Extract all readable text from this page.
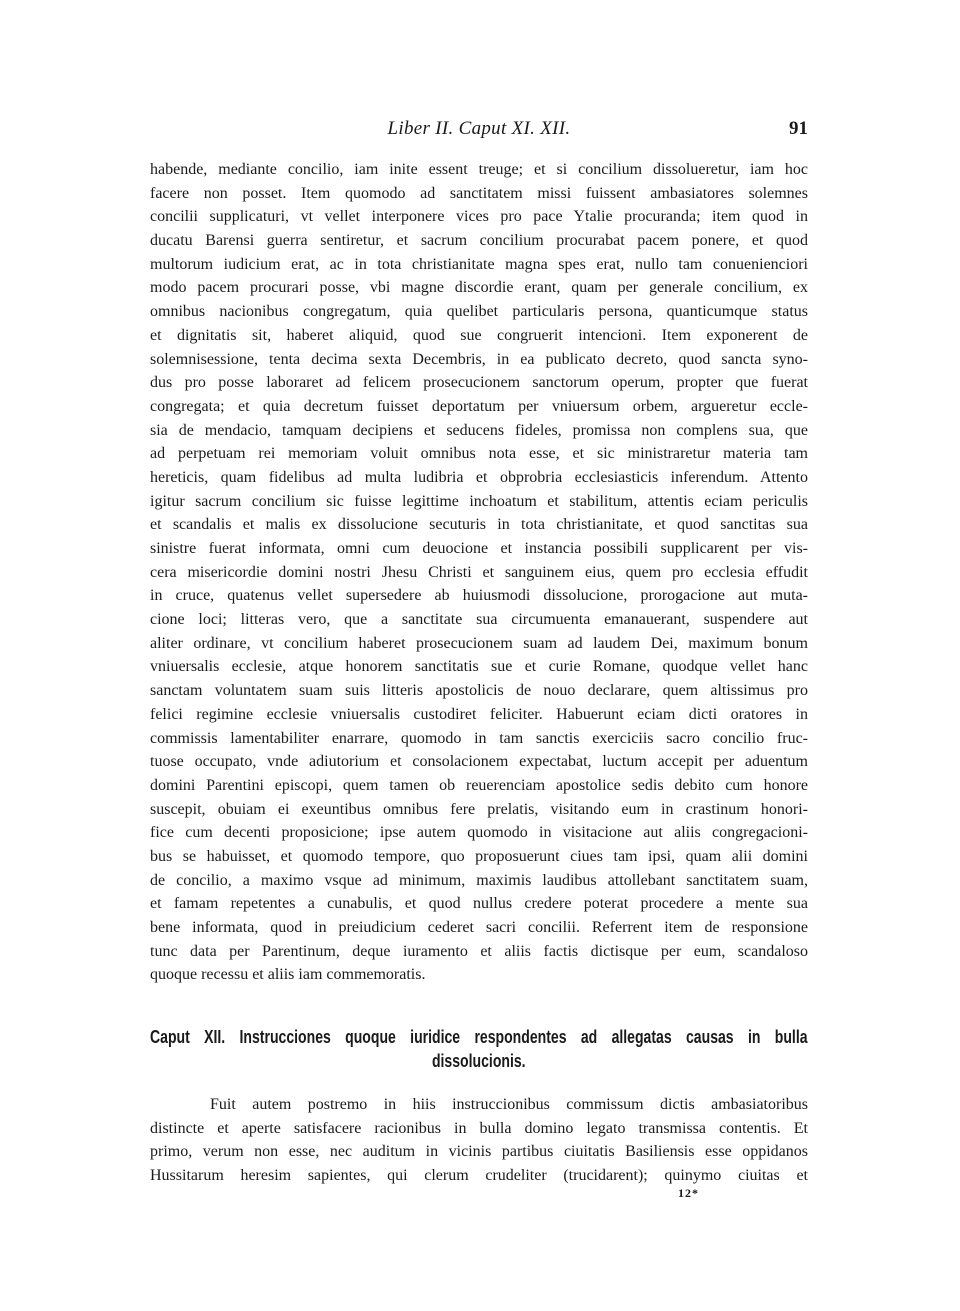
Liber II. Caput XI. XII.	91
habende, mediante concilio, iam inite essent treuge; et si concilium dissolueretur, iam hoc
facere non posset. Item quomodo ad sanctitatem missi fuissent ambasiatores solemnes
concilii supplicaturi, vt vellet interponere vices pro pace Ytalie procuranda; item quod in
ducatu Barensi guerra sentiretur, et sacrum concilium procurabat pacem ponere, et quod
multorum iudicium erat, ac in tota christianitate magna spes erat, nullo tam conuenienciori
modo pacem procurari posse, vbi magne discordie erant, quam per generale concilium, ex
omnibus nacionibus congregatum, quia quelibet particularis persona, quanticumque status
et dignitatis sit, haberet aliquid, quod sue congruerit intencioni. Item exponerent de
solemnisessione, tenta decima sexta Decembris, in ea publicato decreto, quod sancta syno-
dus pro posse laboraret ad felicem prosecucionem sanctorum operum, propter que fuerat
congregata; et quia decretum fuisset deportatum per vniuersum orbem, argueretur eccle-
sia de mendacio, tamquam decipiens et seducens fideles, promissa non complens sua, que
ad perpetuam rei memoriam voluit omnibus nota esse, et sic ministraretur materia tam
hereticis, quam fidelibus ad multa ludibria et obprobria ecclesiasticis inferendum. Attento
igitur sacrum concilium sic fuisse legittime inchoatum et stabilitum, attentis eciam periculis
et scandalis et malis ex dissolucione secuturis in tota christianitate, et quod sanctitas sua
sinistre fuerat informata, omni cum deuocione et instancia possibili supplicarent per vis-
cera misericordie domini nostri Jhesu Christi et sanguinem eius, quem pro ecclesia effudit
in cruce, quatenus vellet supersedere ab huiusmodi dissolucione, prorogacione aut muta-
cione loci; litteras vero, que a sanctitate sua circumuenta emanauerant, suspendere aut
aliter ordinare, vt concilium haberet prosecucionem suam ad laudem Dei, maximum bonum
vniuersalis ecclesie, atque honorem sanctitatis sue et curie Romane, quodque vellet hanc
sanctam voluntatem suam suis litteris apostolicis de nouo declarare, quem altissimus pro
felici regimine ecclesie vniuersalis custodiret feliciter. Habuerunt eciam dicti oratores in
commissis lamentabiliter enarrare, quomodo in tam sanctis exerciciis sacro concilio fruc-
tuose occupato, vnde adiutorium et consolacionem expectabat, luctum accepit per aduentum
domini Parentini episcopi, quem tamen ob reuerenciam apostolice sedis debito cum honore
suscepit, obuiam ei exeuntibus omnibus fere prelatis, visitando eum in crastinum honori-
fice cum decenti proposicione; ipse autem quomodo in visitacione aut aliis congregacioni-
bus se habuisset, et quomodo tempore, quo proposuerunt ciues tam ipsi, quam alii domini
de concilio, a maximo vsque ad minimum, maximis laudibus attollebant sanctitatem suam,
et famam repetentes a cunabulis, et quod nullus credere poterat procedere a mente sua
bene informata, quod in preiudicium cederet sacri concilii. Referrent item de responsione
tunc data per Parentinum, deque iuramento et aliis factis dictisque per eum, scandaloso
quoque recessu et aliis iam commemoratis.
Caput XII. Instrucciones quoque iuridice respondentes ad allegatas causas in bulla
dissolucionis.
Fuit autem postremo in hiis instruccionibus commissum dictis ambasiatoribus
distincte et aperte satisfacere racionibus in bulla domino legato transmissa contentis. Et
primo, verum non esse, nec auditum in vicinis partibus ciuitatis Basiliensis esse oppidanos
Hussitarum heresim sapientes, qui clerum crudeliter (trucidarent); quinymo ciuitas et
12*
